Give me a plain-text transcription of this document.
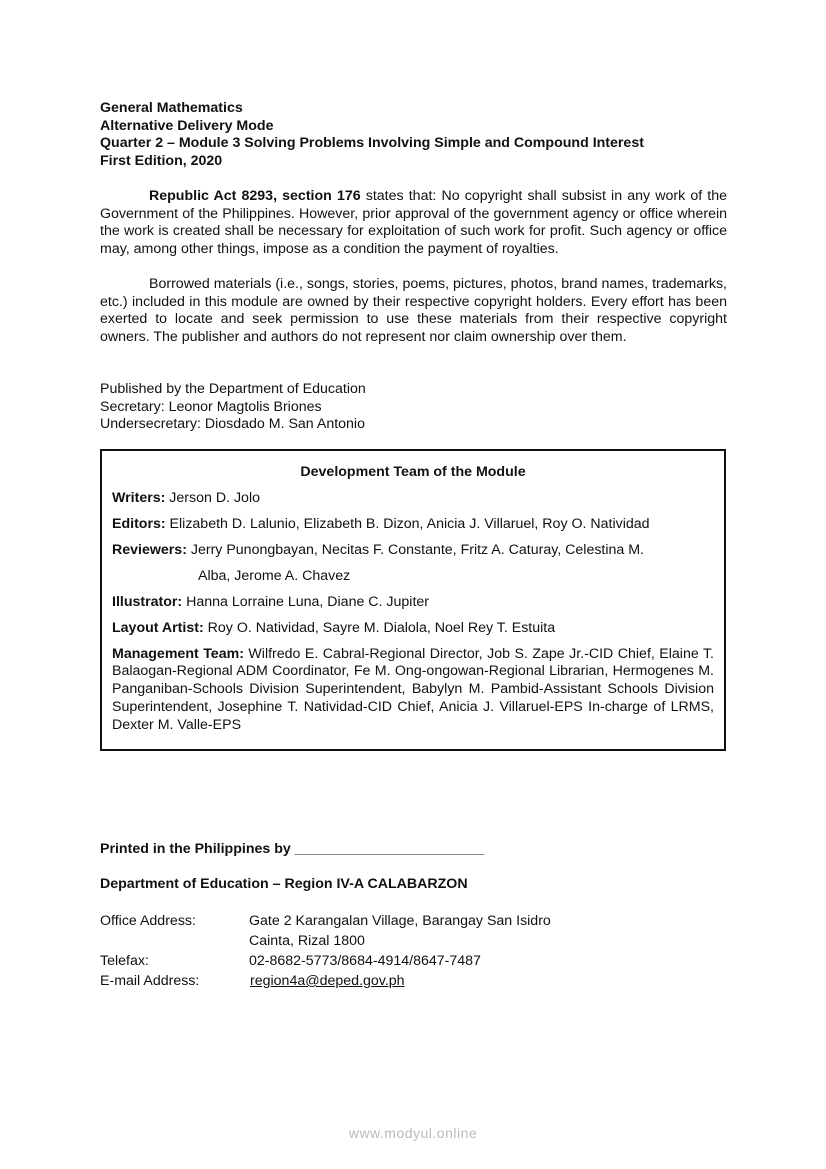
General Mathematics
Alternative Delivery Mode
Quarter 2 – Module 3 Solving Problems Involving Simple and Compound Interest
First Edition, 2020

Republic Act 8293, section 176 states that: No copyright shall subsist in any work of the Government of the Philippines. However, prior approval of the government agency or office wherein the work is created shall be necessary for exploitation of such work for profit. Such agency or office may, among other things, impose as a condition the payment of royalties.

Borrowed materials (i.e., songs, stories, poems, pictures, photos, brand names, trademarks, etc.) included in this module are owned by their respective copyright holders. Every effort has been exerted to locate and seek permission to use these materials from their respective copyright owners. The publisher and authors do not represent nor claim ownership over them.

Published by the Department of Education
Secretary: Leonor Magtolis Briones
Undersecretary: Diosdado M. San Antonio
Development Team of the Module
Writers: Jerson D. Jolo
Editors: Elizabeth D. Lalunio, Elizabeth B. Dizon, Anicia J. Villaruel, Roy O. Natividad
Reviewers: Jerry Punongbayan, Necitas F. Constante, Fritz A. Caturay, Celestina M.
Alba, Jerome A. Chavez
Illustrator: Hanna Lorraine Luna, Diane C. Jupiter
Layout Artist: Roy O. Natividad, Sayre M. Dialola, Noel Rey T. Estuita

Management Team: Wilfredo E. Cabral-Regional Director, Job S. Zape Jr.-CID Chief, Elaine T. Balaogan-Regional ADM Coordinator, Fe M. Ong-ongowan-Regional Librarian, Hermogenes M. Panganiban-Schools Division Superintendent, Babylyn M. Pambid-Assistant Schools Division Superintendent, Josephine T. Natividad-CID Chief, Anicia J. Villaruel-EPS In-charge of LRMS, Dexter M. Valle-EPS

Printed in the Philippines by ________________________
Department of Education – Region IV-A CALABARZON
Office Address:	Gate 2 Karangalan Village, Barangay San Isidro
Cainta, Rizal 1800
Telefax:	02-8682-5773/8684-4914/8647-7487
E-mail Address:	region4a@deped.gov.ph
www.modyul.online
